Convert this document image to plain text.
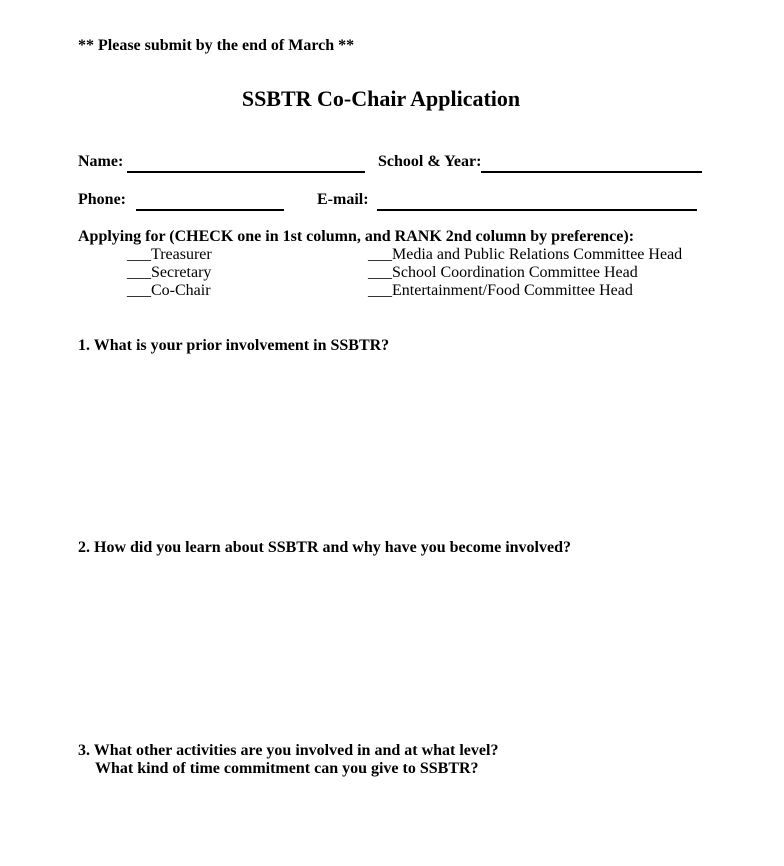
** Please submit by the end of March **
SSBTR Co-Chair Application
Name:	School & Year:
Phone:	E-mail:
Applying for (CHECK one in 1st column, and RANK 2nd column by preference):
___Treasurer
___Secretary
___Co-Chair
___Media and Public Relations Committee Head
___School Coordination Committee Head
___Entertainment/Food Committee Head
1. What is your prior involvement in SSBTR?
2. How did you learn about SSBTR and why have you become involved?
3. What other activities are you involved in and at what level?
What kind of time commitment can you give to SSBTR?
